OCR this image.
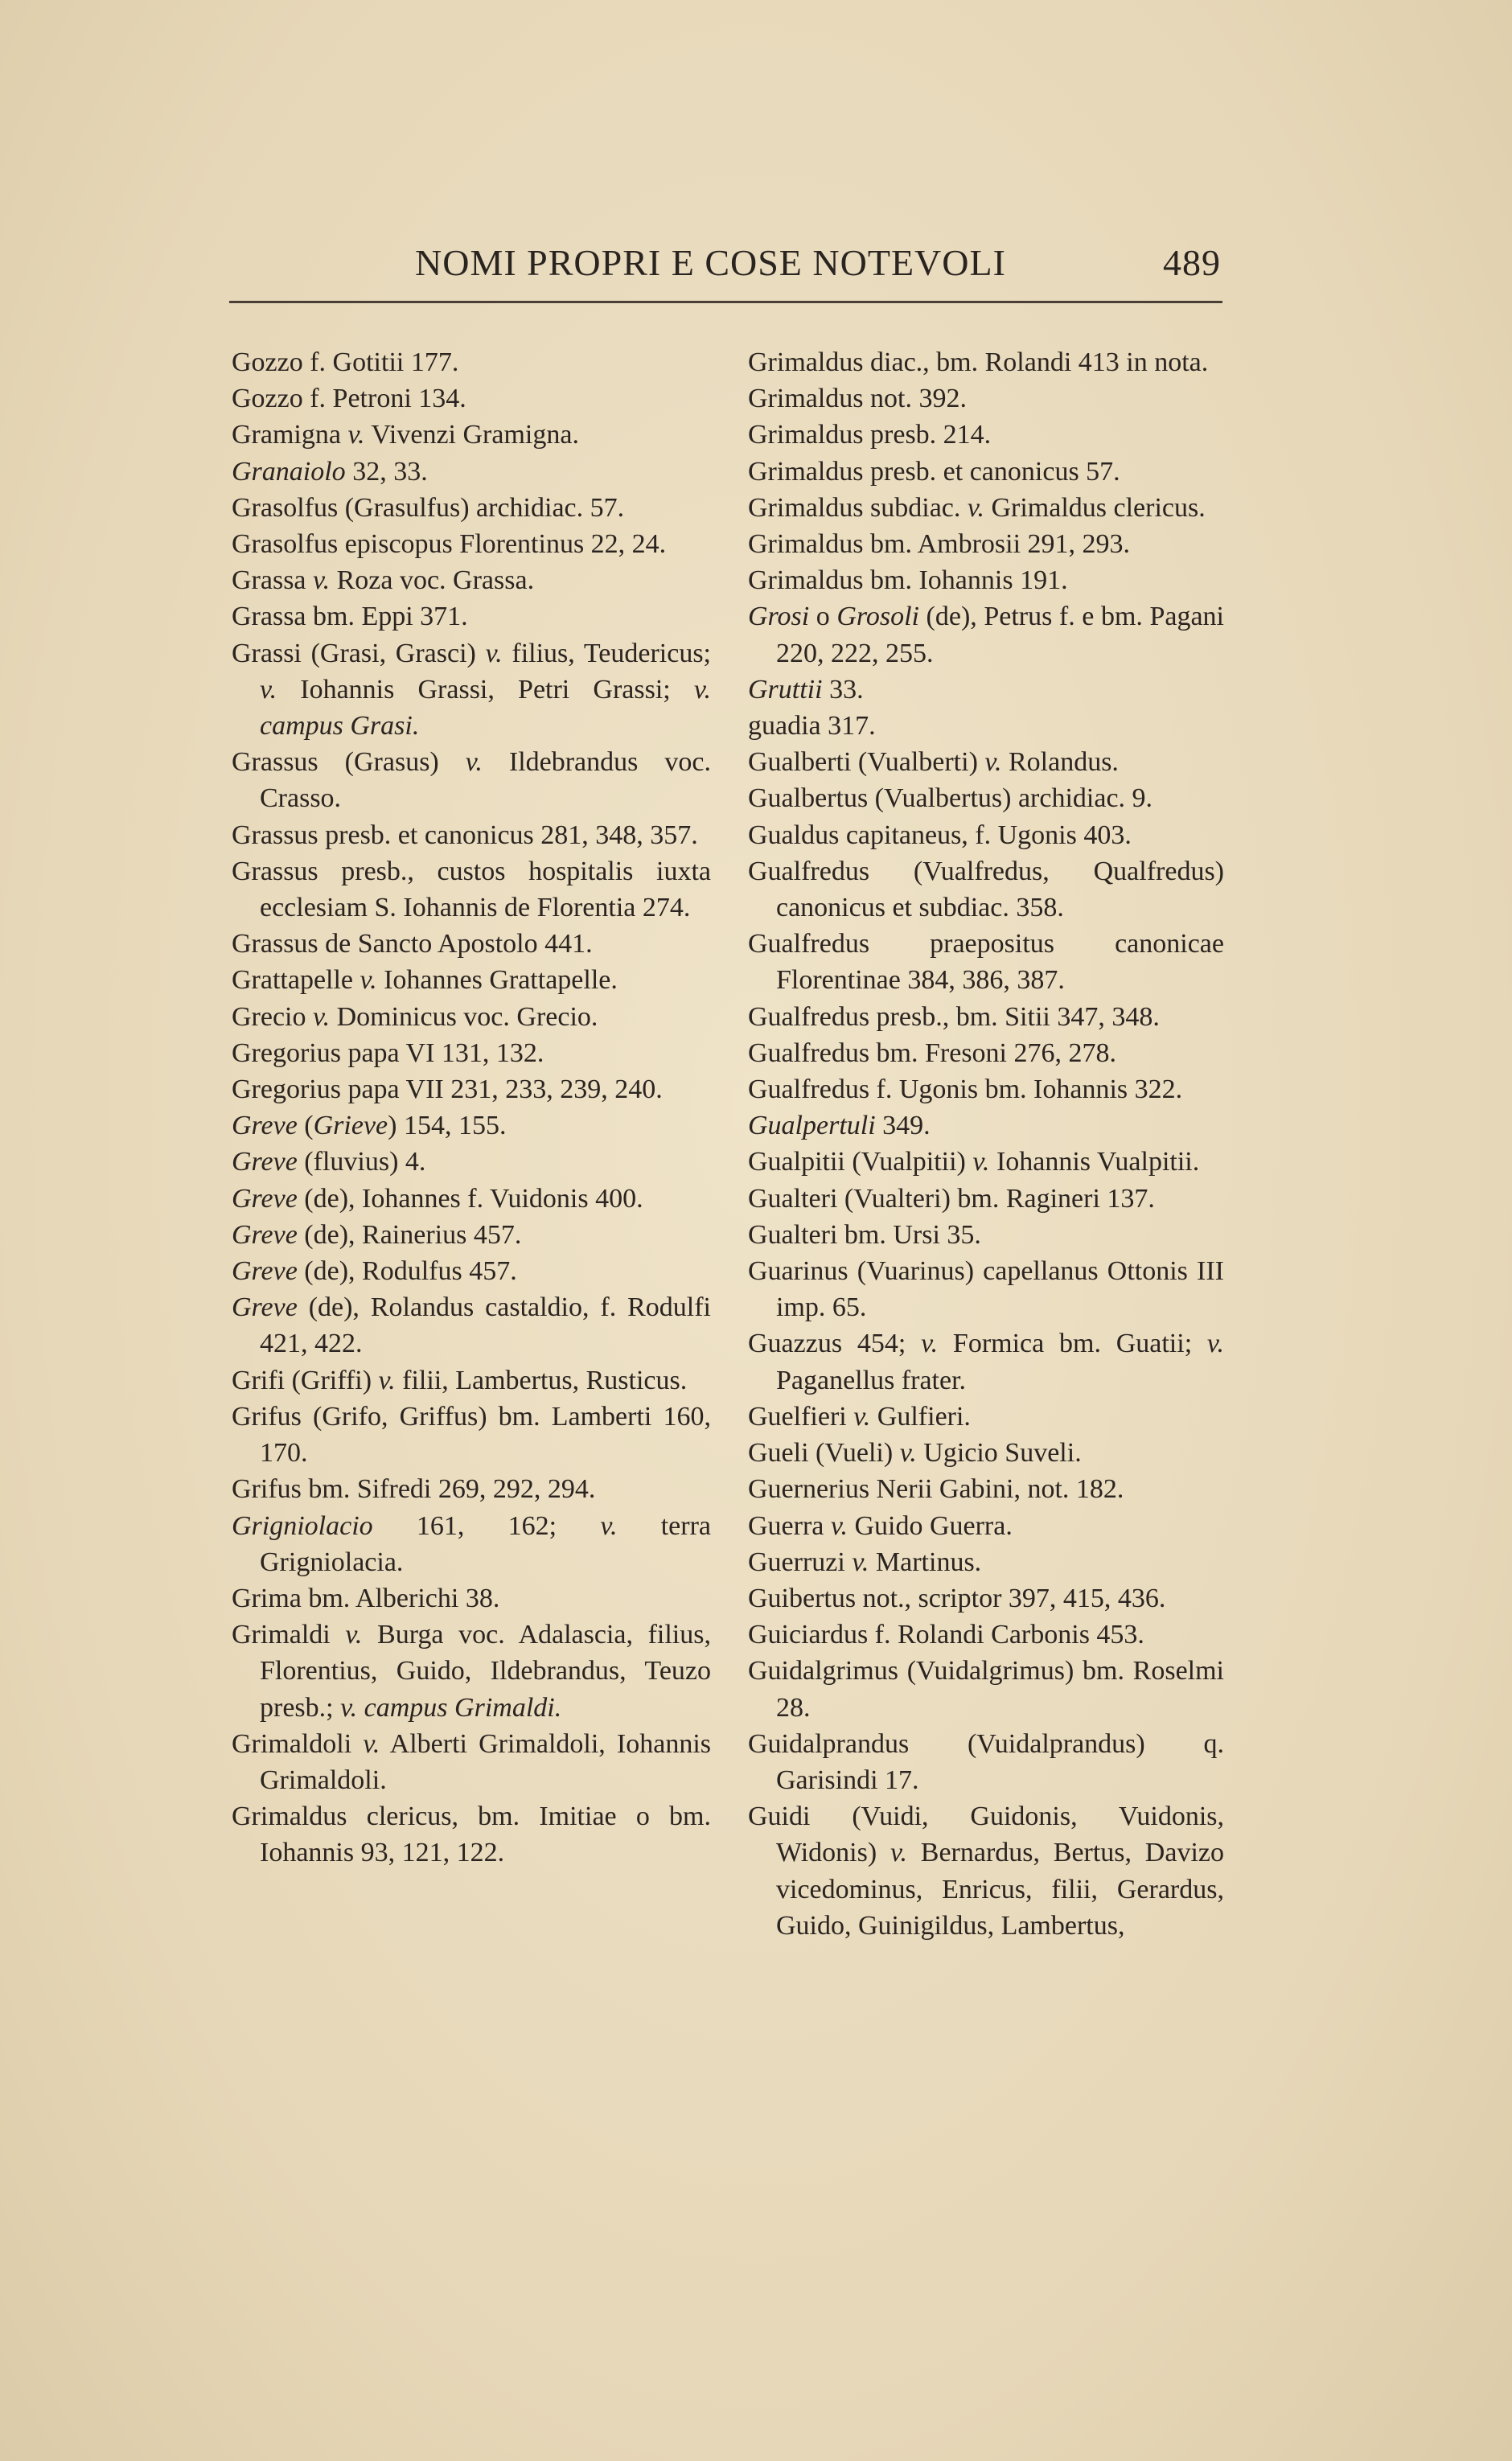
NOMI PROPRI E COSE NOTEVOLI	489

Gozzo f. Gotitii 177.

Gozzo f. Petroni 134.

Gramigna v. Vivenzi Gramigna.

Granaiolo 32, 33.

Grasolfus (Grasulfus) archidiac. 57.

Grasolfus episcopus Florentinus 22, 24.

Grassa v. Roza voc. Grassa.

Grassa bm. Eppi 371.

Grassi (Grasi, Grasci) v. filius, Teudericus; v. Iohannis Grassi, Petri Grassi; v. campus Grasi.

Grassus (Grasus) v. Ildebrandus voc. Crasso.

Grassus presb. et canonicus 281, 348, 357.

Grassus presb., custos hospitalis iuxta ecclesiam S. Iohannis de Florentia 274.

Grassus de Sancto Apostolo 441.

Grattapelle v. Iohannes Grattapelle.

Grecio v. Dominicus voc. Grecio.

Gregorius papa VI 131, 132.

Gregorius papa VII 231, 233, 239, 240.

Greve (Grieve) 154, 155.

Greve (fluvius) 4.

Greve (de), Iohannes f. Vuidonis 400.

Greve (de), Rainerius 457.

Greve (de), Rodulfus 457.

Greve (de), Rolandus castaldio, f. Rodulfi 421, 422.

Grifi (Griffi) v. filii, Lambertus, Rusticus.

Grifus (Grifo, Griffus) bm. Lamberti 160, 170.

Grifus bm. Sifredi 269, 292, 294.

Grigniolacio 161, 162; v. terra Grigniolacia.

Grima bm. Alberichi 38.

Grimaldi v. Burga voc. Adalascia, filius, Florentius, Guido, Ildebrandus, Teuzo presb.; v. campus Grimaldi.

Grimaldoli v. Alberti Grimaldoli, Iohannis Grimaldoli.

Grimaldus clericus, bm. Imitiae o bm. Iohannis 93, 121, 122.

Grimaldus diac., bm. Rolandi 413 in nota.

Grimaldus not. 392.

Grimaldus presb. 214.

Grimaldus presb. et canonicus 57.

Grimaldus subdiac. v. Grimaldus clericus.

Grimaldus bm. Ambrosii 291, 293.

Grimaldus bm. Iohannis 191.

Grosi o Grosoli (de), Petrus f. e bm. Pagani 220, 222, 255.

Gruttii 33.

guadia 317.

Gualberti (Vualberti) v. Rolandus.

Gualbertus (Vualbertus) archidiac. 9.

Gualdus capitaneus, f. Ugonis 403.

Gualfredus (Vualfredus, Qualfredus) canonicus et subdiac. 358.

Gualfredus praepositus canonicae Florentinae 384, 386, 387.

Gualfredus presb., bm. Sitii 347, 348.

Gualfredus bm. Fresoni 276, 278.

Gualfredus f. Ugonis bm. Iohannis 322.

Gualpertuli 349.

Gualpitii (Vualpitii) v. Iohannis Vualpitii.

Gualteri (Vualteri) bm. Ragineri 137.

Gualteri bm. Ursi 35.

Guarinus (Vuarinus) capellanus Ottonis III imp. 65.

Guazzus 454; v. Formica bm. Guatii; v. Paganellus frater.

Guelfieri v. Gulfieri.

Gueli (Vueli) v. Ugicio Suveli.

Guernerius Nerii Gabini, not. 182.

Guerra v. Guido Guerra.

Guerruzi v. Martinus.

Guibertus not., scriptor 397, 415, 436.

Guiciardus f. Rolandi Carbonis 453.

Guidalgrimus (Vuidalgrimus) bm. Roselmi 28.

Guidalprandus (Vuidalprandus) q. Garisindi 17.

Guidi (Vuidi, Guidonis, Vuidonis, Widonis) v. Bernardus, Bertus, Davizo vicedominus, Enricus, filii, Gerardus, Guido, Guinigildus, Lambertus,
